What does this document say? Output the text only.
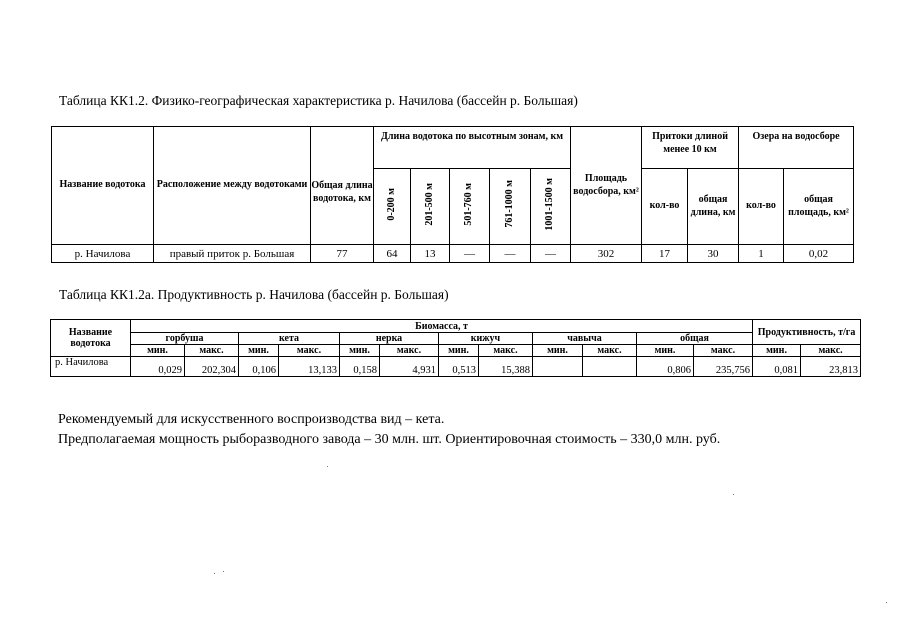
Таблица КК1.2. Физико-географическая характеристика р. Начилова (бассейн р. Большая)
Название водотока	Расположение между водотоками	Общая длина водотока, км	Длина водотока по высотным зонам, км					Площадь водосбора, км²	Притоки длиной менее 10 км		Озера на водосборе	
			0-200 м	201-500 м	501-760 м	761-1000 м	1001-1500 м		кол-во	общая длина, км	кол-во	общая площадь, км²
р. Начилова	правый приток р. Большая	77	64	13	—	—	—	302	17	30	1	0,02
Таблица КК1.2а. Продуктивность р. Начилова (бассейн р. Большая)
Название водотока	Биомасса, т												Продуктивность, т/га	
	горбуша		кета		нерка		кижуч		чавыча		общая			
	мин.	макс.	мин.	макс.	мин.	макс.	мин.	макс.	мин.	макс.	мин.	макс.	мин.	макс.
р. Начилова	0,029	202,304	0,106	13,133	0,158	4,931	0,513	15,388			0,806	235,756	0,081	23,813
Рекомендуемый для искусственного воспроизводства вид – кета.
Предполагаемая мощность рыборазводного завода – 30 млн. шт. Ориентировочная стоимость – 330,0 млн. руб.
